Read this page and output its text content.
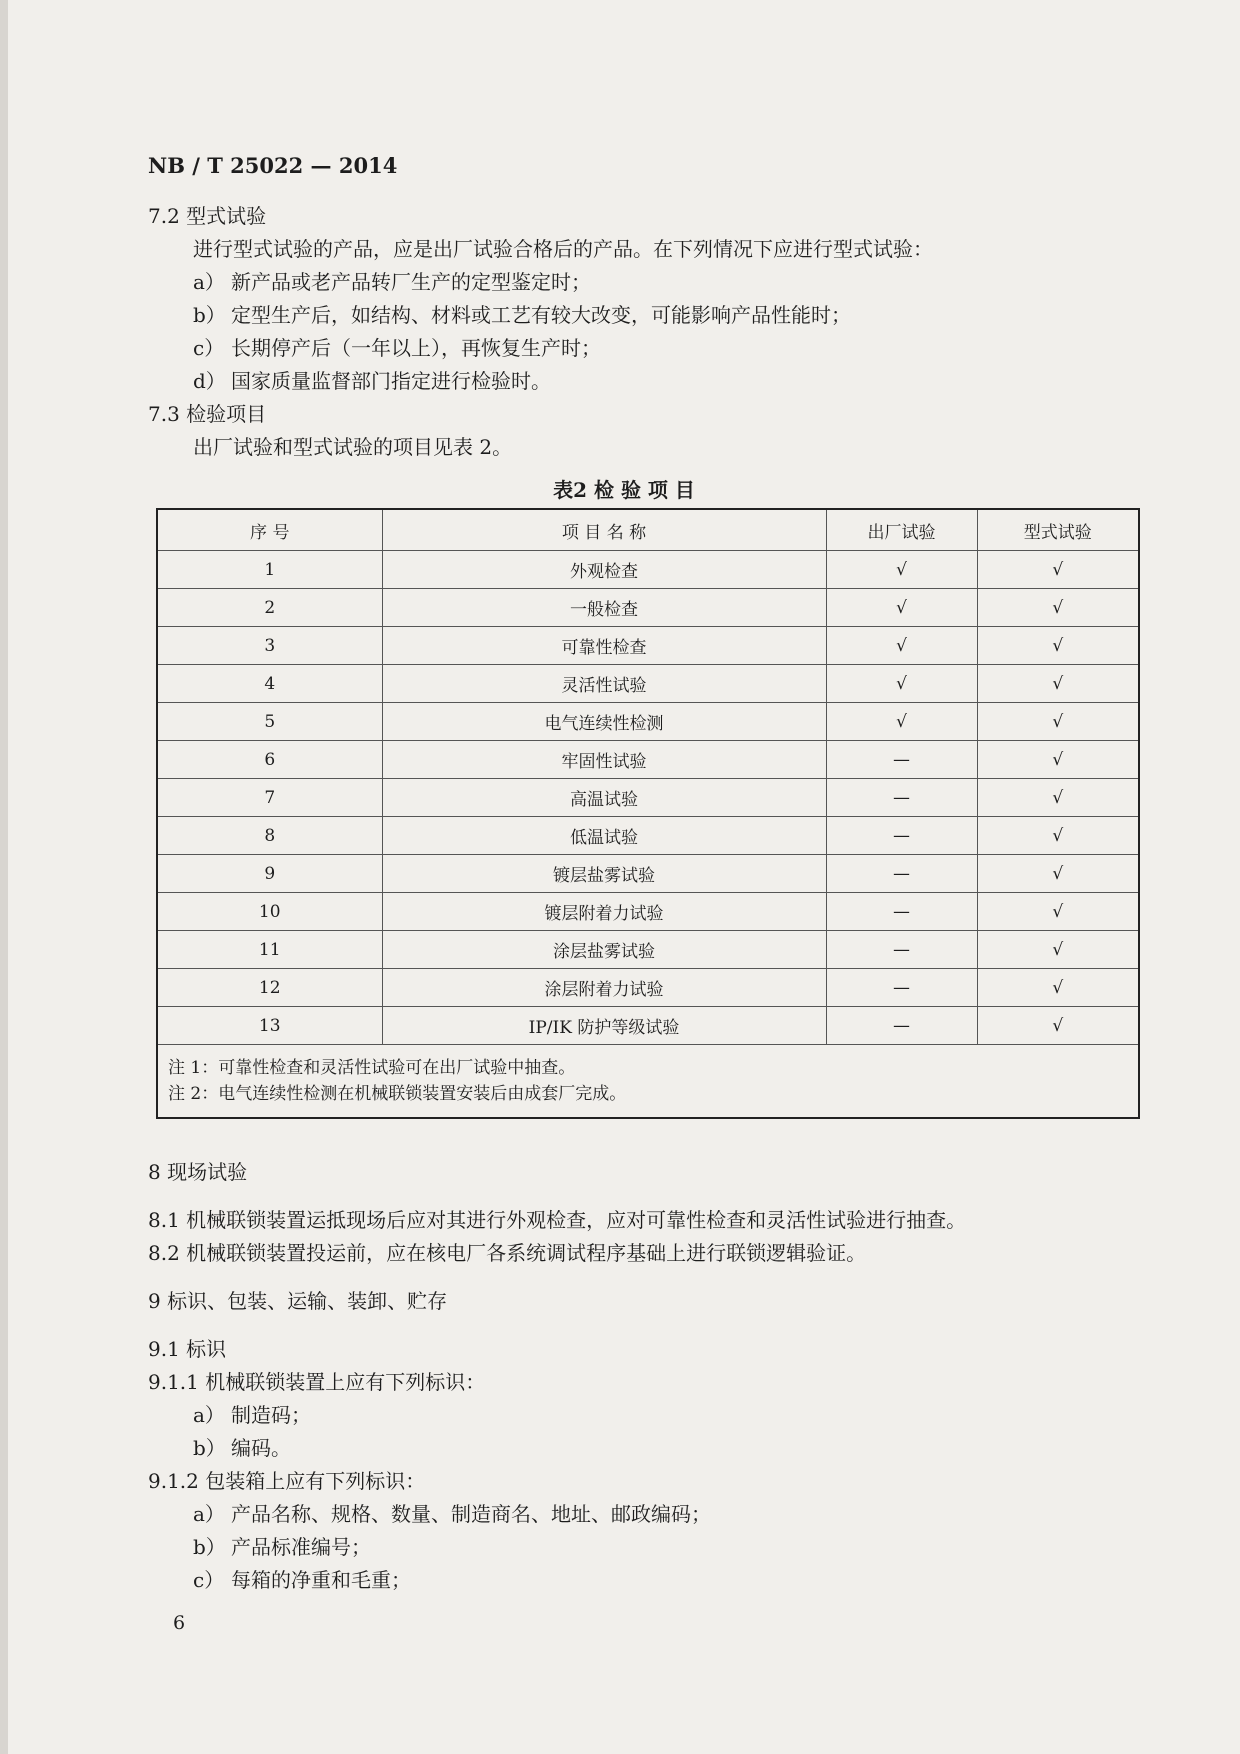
NB / T 25022 — 2014
7.2 型式试验
进行型式试验的产品，应是出厂试验合格后的产品。在下列情况下应进行型式试验：
a） 新产品或老产品转厂生产的定型鉴定时；
b） 定型生产后，如结构、材料或工艺有较大改变，可能影响产品性能时；
c） 长期停产后（一年以上），再恢复生产时；
d） 国家质量监督部门指定进行检验时。
7.3 检验项目
出厂试验和型式试验的项目见表 2。
表2 检 验 项 目
序 号	项 目 名 称	出厂试验	型式试验
1	外观检查	√	√
2	一般检查	√	√
3	可靠性检查	√	√
4	灵活性试验	√	√
5	电气连续性检测	√	√
6	牢固性试验	—	√
7	高温试验	—	√
8	低温试验	—	√
9	镀层盐雾试验	—	√
10	镀层附着力试验	—	√
11	涂层盐雾试验	—	√
12	涂层附着力试验	—	√
13	IP/IK 防护等级试验	—	√

注 1：可靠性检查和灵活性试验可在出厂试验中抽查。
注 2：电气连续性检测在机械联锁装置安装后由成套厂完成。			
8 现场试验
8.1 机械联锁装置运抵现场后应对其进行外观检查，应对可靠性检查和灵活性试验进行抽查。
8.2 机械联锁装置投运前，应在核电厂各系统调试程序基础上进行联锁逻辑验证。
9 标识、包装、运输、装卸、贮存
9.1 标识
9.1.1 机械联锁装置上应有下列标识：
a） 制造码；
b） 编码。
9.1.2 包装箱上应有下列标识：
a） 产品名称、规格、数量、制造商名、地址、邮政编码；
b） 产品标准编号；
c） 每箱的净重和毛重；
6
